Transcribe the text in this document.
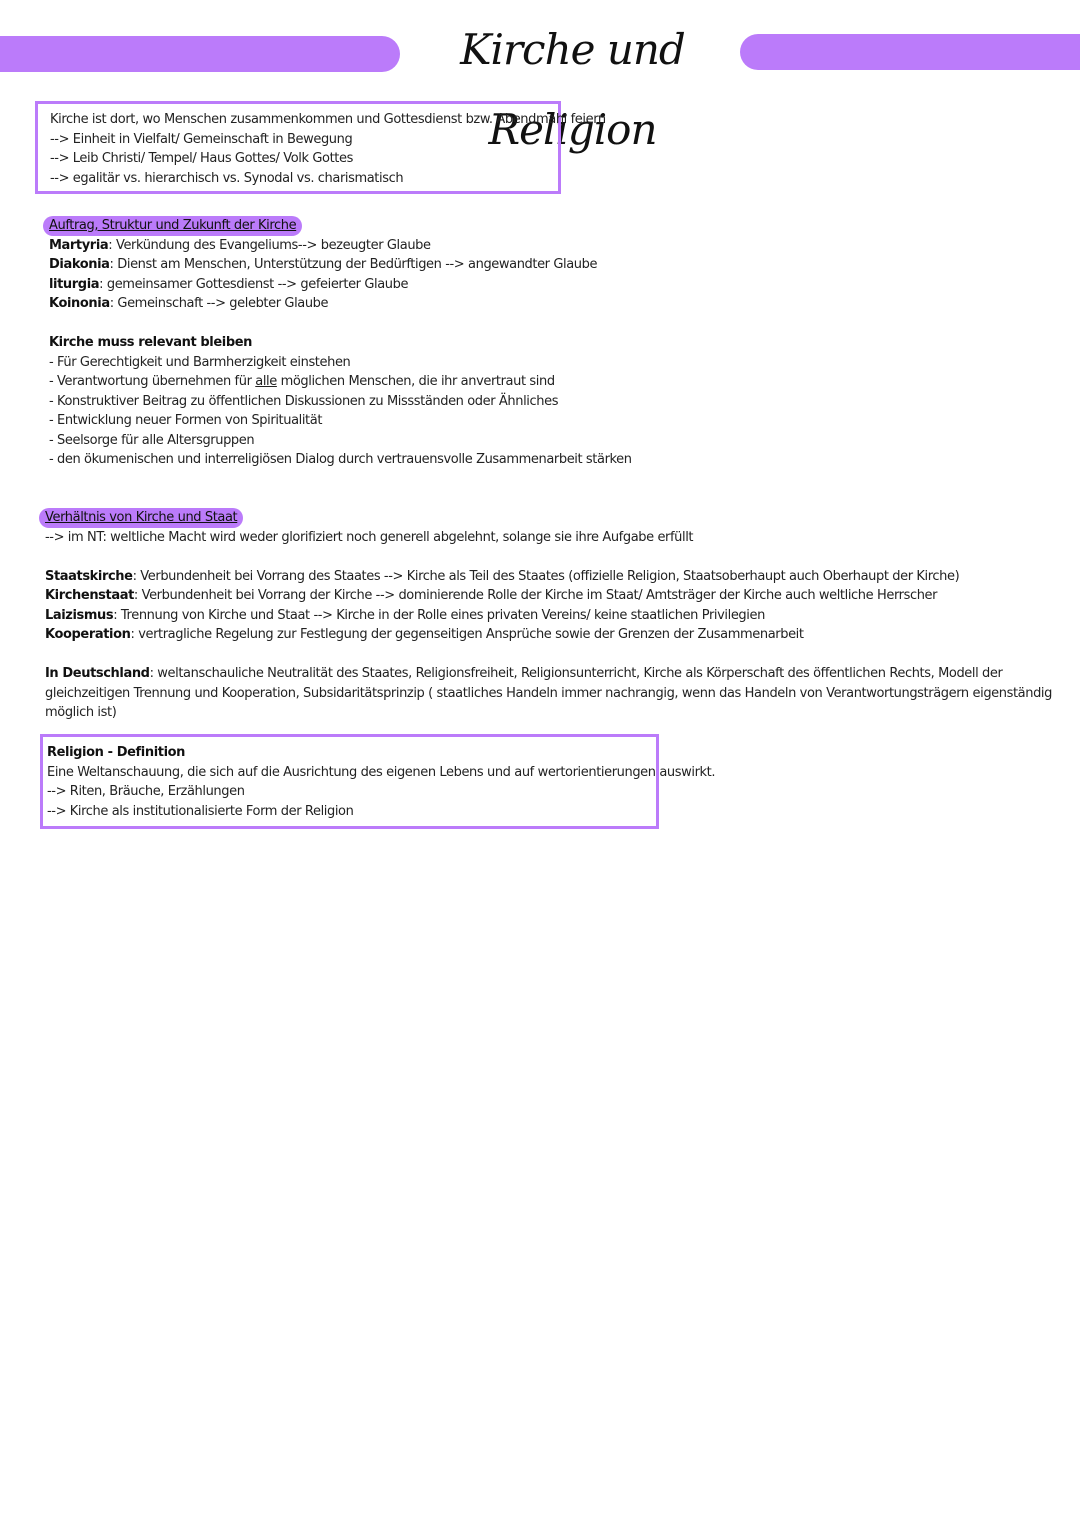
Kirche und Religion

Kirche ist dort, wo Menschen zusammenkommen und Gottesdienst bzw. Abendmahl feiern

--> Einheit in Vielfalt/ Gemeinschaft in Bewegung

--> Leib Christi/ Tempel/ Haus Gottes/ Volk Gottes

--> egalitär vs. hierarchisch vs. Synodal vs. charismatisch

Auftrag, Struktur und Zukunft der Kirche

Martyria: Verkündung des Evangeliums--> bezeugter Glaube

Diakonia: Dienst am Menschen, Unterstützung der Bedürftigen --> angewandter Glaube

liturgia: gemeinsamer Gottesdienst --> gefeierter Glaube

Koinonia: Gemeinschaft --> gelebter Glaube

Kirche muss relevant bleiben

- Für Gerechtigkeit und Barmherzigkeit einstehen

- Verantwortung übernehmen für alle möglichen Menschen, die ihr anvertraut sind

- Konstruktiver Beitrag zu öffentlichen Diskussionen zu Missständen oder Ähnliches

- Entwicklung neuer Formen von Spiritualität

- Seelsorge für alle Altersgruppen

- den ökumenischen und interreligiösen Dialog durch vertrauensvolle Zusammenarbeit stärken

Verhältnis von Kirche und Staat

--> im NT: weltliche Macht wird weder glorifiziert noch generell abgelehnt, solange sie ihre Aufgabe erfüllt

Staatskirche: Verbundenheit bei Vorrang des Staates --> Kirche als Teil des Staates (offizielle Religion, Staatsoberhaupt auch Oberhaupt der Kirche)

Kirchenstaat: Verbundenheit bei Vorrang der Kirche --> dominierende Rolle der Kirche im Staat/ Amtsträger der Kirche auch weltliche Herrscher

Laizismus: Trennung von Kirche und Staat --> Kirche in der Rolle eines privaten Vereins/ keine staatlichen Privilegien

Kooperation: vertragliche Regelung zur Festlegung der gegenseitigen Ansprüche sowie der Grenzen der Zusammenarbeit

In Deutschland: weltanschauliche Neutralität des Staates, Religionsfreiheit, Religionsunterricht, Kirche als Körperschaft des öffentlichen Rechts, Modell der gleichzeitigen Trennung und Kooperation, Subsidaritätsprinzip ( staatliches Handeln immer nachrangig, wenn das Handeln von Verantwortungsträgern eigenständig möglich ist)

Religion - Definition

Eine Weltanschauung, die sich auf die Ausrichtung des eigenen Lebens und auf wertorientierungen auswirkt.

--> Riten, Bräuche, Erzählungen

--> Kirche als institutionalisierte Form der Religion
